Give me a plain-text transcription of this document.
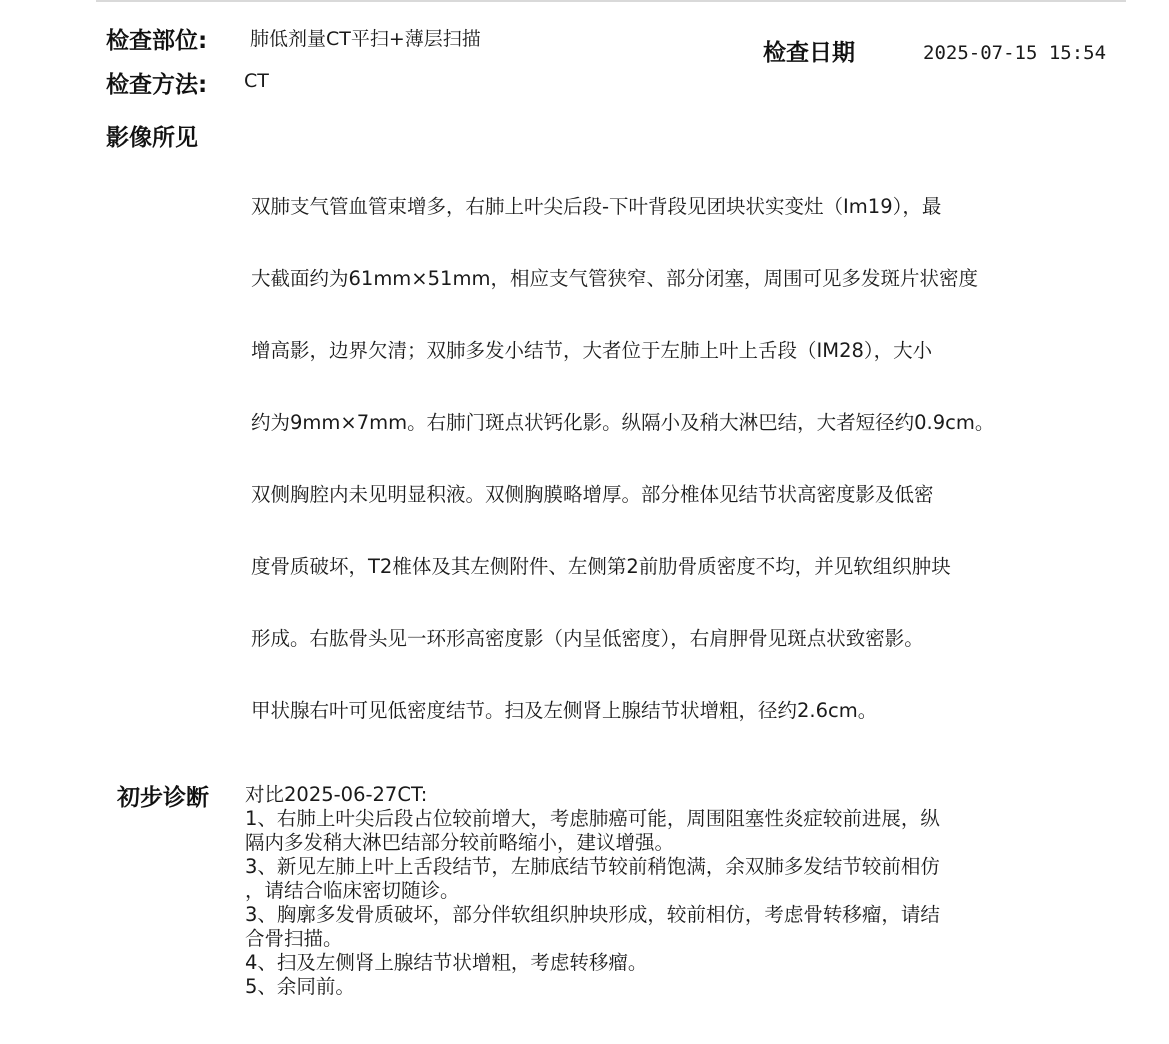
检查部位: 肺低剂量CT平扫+薄层扫描
检查方法: CT
检查日期	2025-07-15 15:54
影像所见

双肺支气管血管束增多，右肺上叶尖后段-下叶背段见团块状实变灶（Im19），最

大截面约为61mm×51mm，相应支气管狭窄、部分闭塞，周围可见多发斑片状密度

增高影，边界欠清；双肺多发小结节，大者位于左肺上叶上舌段（IM28），大小

约为9mm×7mm。右肺门斑点状钙化影。纵隔小及稍大淋巴结，大者短径约0.9cm。

双侧胸腔内未见明显积液。双侧胸膜略增厚。部分椎体见结节状高密度影及低密

度骨质破坏，T2椎体及其左侧附件、左侧第2前肋骨质密度不均，并见软组织肿块

形成。右肱骨头见一环形高密度影（内呈低密度），右肩胛骨见斑点状致密影。

甲状腺右叶可见低密度结节。扫及左侧肾上腺结节状增粗，径约2.6cm。

初步诊断 对比2025-06-27CT:
1、右肺上叶尖后段占位较前增大，考虑肺癌可能，周围阻塞性炎症较前进展，纵
隔内多发稍大淋巴结部分较前略缩小，建议增强。
3、新见左肺上叶上舌段结节，左肺底结节较前稍饱满，余双肺多发结节较前相仿
，请结合临床密切随诊。
3、胸廓多发骨质破坏，部分伴软组织肿块形成，较前相仿，考虑骨转移瘤，请结
合骨扫描。
4、扫及左侧肾上腺结节状增粗，考虑转移瘤。
5、余同前。
